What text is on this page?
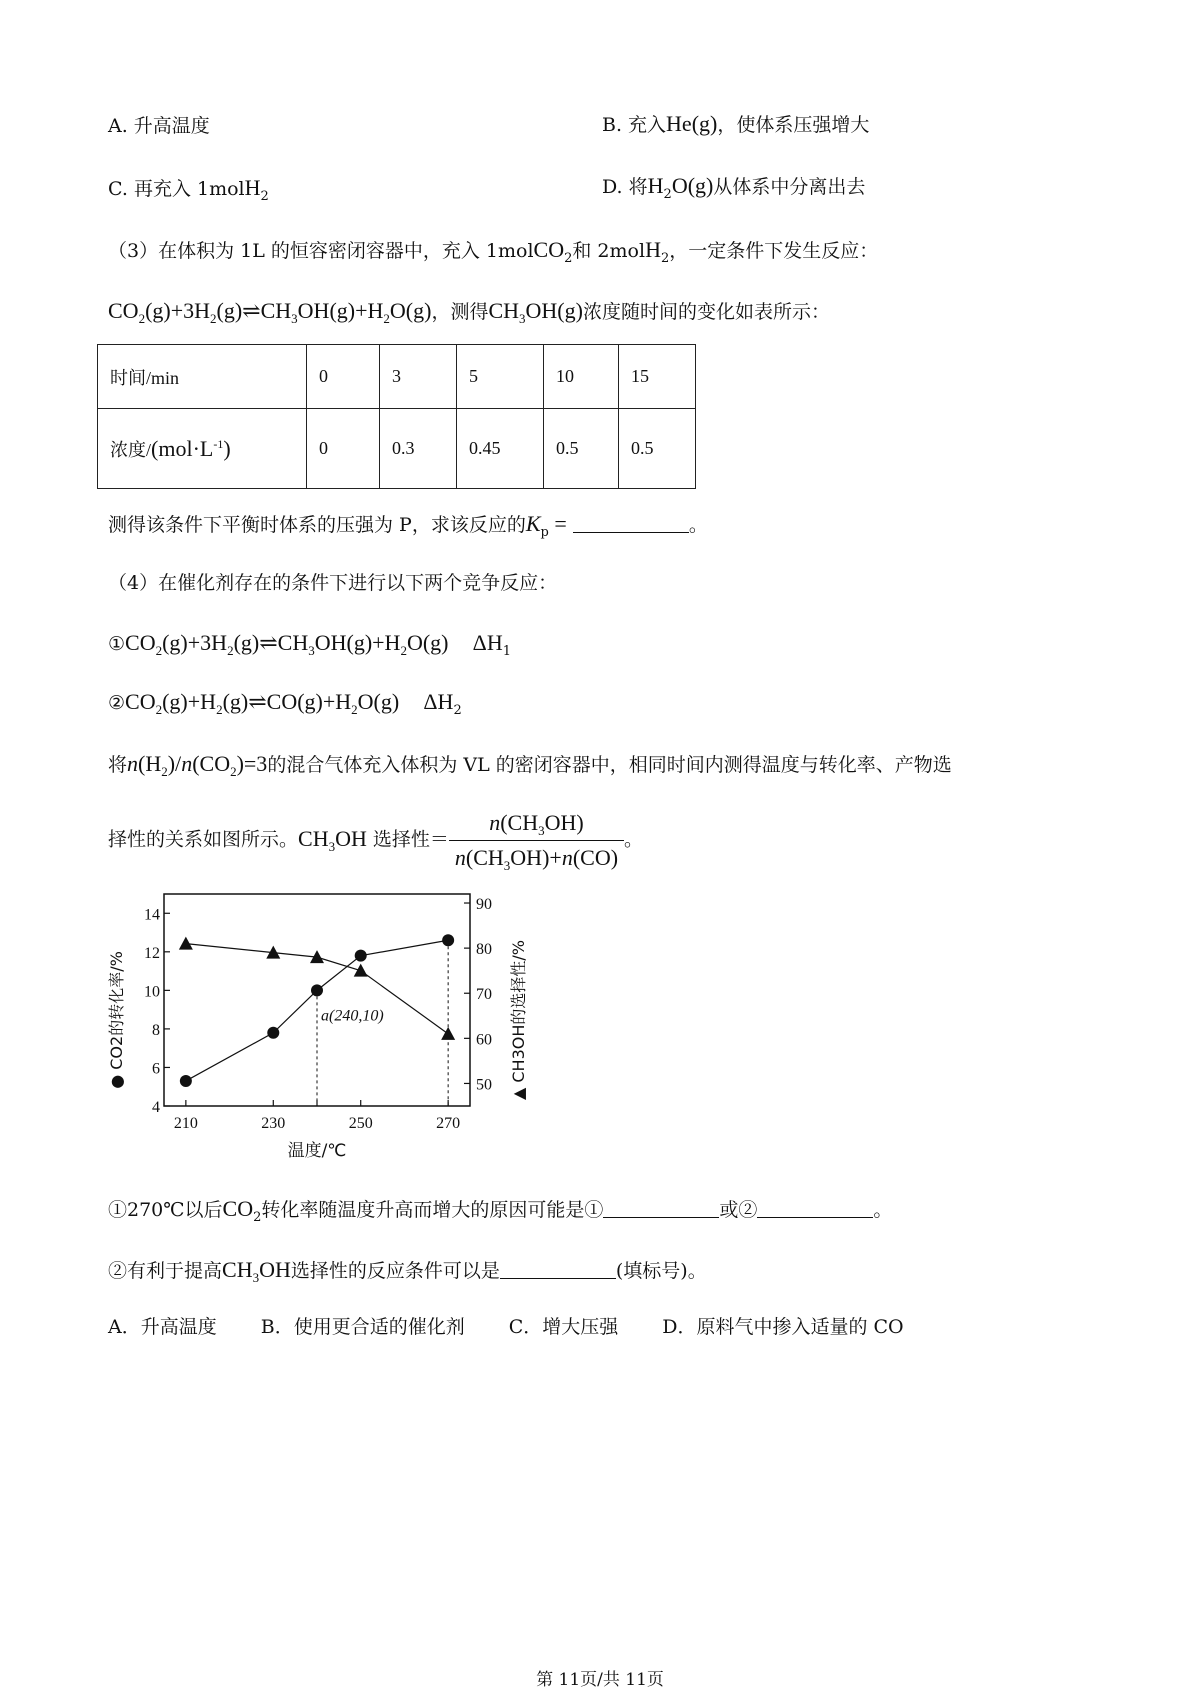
A. 升高温度	B. 充入He(g)，使体系压强增大
C. 再充入 1molH$_2$	D. 将$H_2O(g)$从体系中分离出去
（3）在体积为 1L 的恒容密闭容器中，充入 1molCO$_2$和 2molH$_2$，一定条件下发生反应：
$CO_2(g)+3H_2(g)\rightleftharpoons CH_3OH(g)+H_2O(g)$，测得$CH_3OH(g)$浓度随时间的变化如表所示：
时间/min	0	3	5	10	15
浓度$/(mol\cdot L^{-1})$	0	0.3	0.45	0.5	0.5
测得该条件下平衡时体系的压强为 P，求该反应的$K_p$ =	。
（4）在催化剂存在的条件下进行以下两个竞争反应：
$①CO_2(g)+3H_2(g)\rightleftharpoons CH_3OH(g)+H_2O(g)$ $\Delta H_1$
$②CO_2(g)+H_2(g)\rightleftharpoons CO(g)+H_2O(g)$ $\Delta H_2$
将$n(H_2)/n(CO_2)=3$的混合气体充入体积为 VL 的密闭容器中，相同时间内测得温度与转化率、产物选
择性的关系如图所示。$CH_3OH$ 选择性＝ $\frac{n(CH_3OH)}{n(CH_3OH)+n(CO)}$ 。
4
6
8
10
12
14
50
60
70
80
90
210	230	250	270
a(240,10)
温度/℃
● CO2的转化率/%	▲ CH3OH的选择性/%
①270℃以后$CO_2$转化率随温度升高而增大的原因可能是①	或②	。
②有利于提高$CH_3OH$选择性的反应条件可以是	(填标号)。
A．升高温度 B．使用更合适的催化剂 C．增大压强 D．原料气中掺入适量的 CO
第 11页/共 11页
